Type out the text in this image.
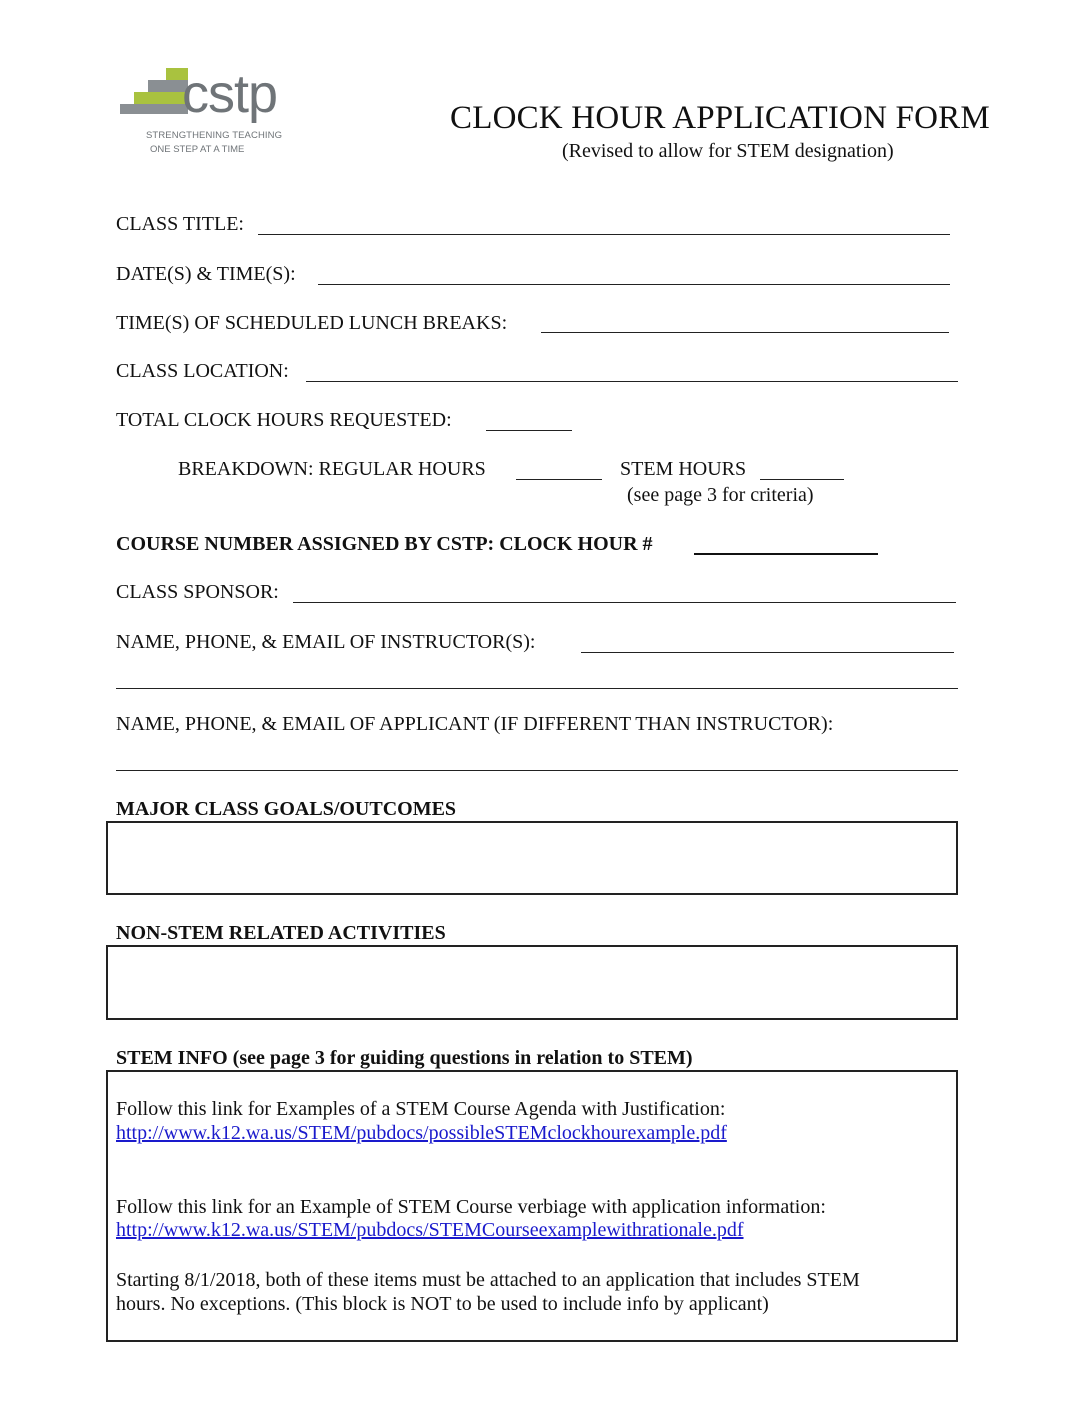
cstp
STRENGTHENING TEACHING
ONE STEP AT A TIME
CLOCK HOUR APPLICATION FORM
(Revised to allow for STEM designation)
CLASS TITLE:
DATE(S) & TIME(S):
TIME(S) OF SCHEDULED LUNCH BREAKS:
CLASS LOCATION:
TOTAL CLOCK HOURS REQUESTED:
BREAKDOWN: REGULAR HOURS	STEM HOURS
(see page 3 for criteria)
COURSE NUMBER ASSIGNED BY CSTP: CLOCK HOUR #
CLASS SPONSOR:
NAME, PHONE, & EMAIL OF INSTRUCTOR(S):
NAME, PHONE, & EMAIL OF APPLICANT (IF DIFFERENT THAN INSTRUCTOR):
MAJOR CLASS GOALS/OUTCOMES
NON-STEM RELATED ACTIVITIES
STEM INFO (see page 3 for guiding questions in relation to STEM)
Follow this link for Examples of a STEM Course Agenda with Justification:
http://www.k12.wa.us/STEM/pubdocs/possibleSTEMclockhourexample.pdf
Follow this link for an Example of STEM Course verbiage with application information:
http://www.k12.wa.us/STEM/pubdocs/STEMCourseexamplewithrationale.pdf
Starting 8/1/2018, both of these items must be attached to an application that includes STEM
hours. No exceptions. (This block is NOT to be used to include info by applicant)
